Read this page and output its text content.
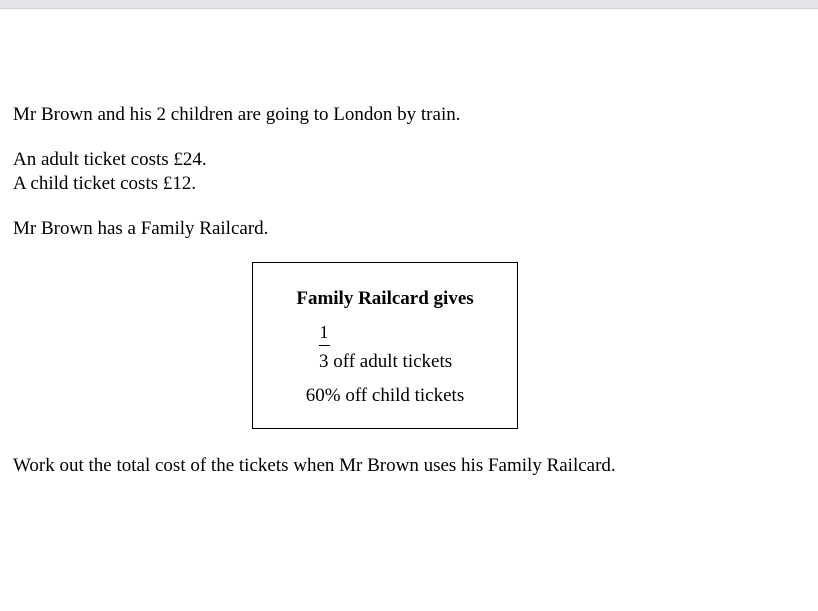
Mr Brown and his 2 children are going to London by train.
An adult ticket costs £24.
A child ticket costs £12.
Mr Brown has a Family Railcard.
Family Railcard gives
1
3 off adult tickets
60% off child tickets
Work out the total cost of the tickets when Mr Brown uses his Family Railcard.
